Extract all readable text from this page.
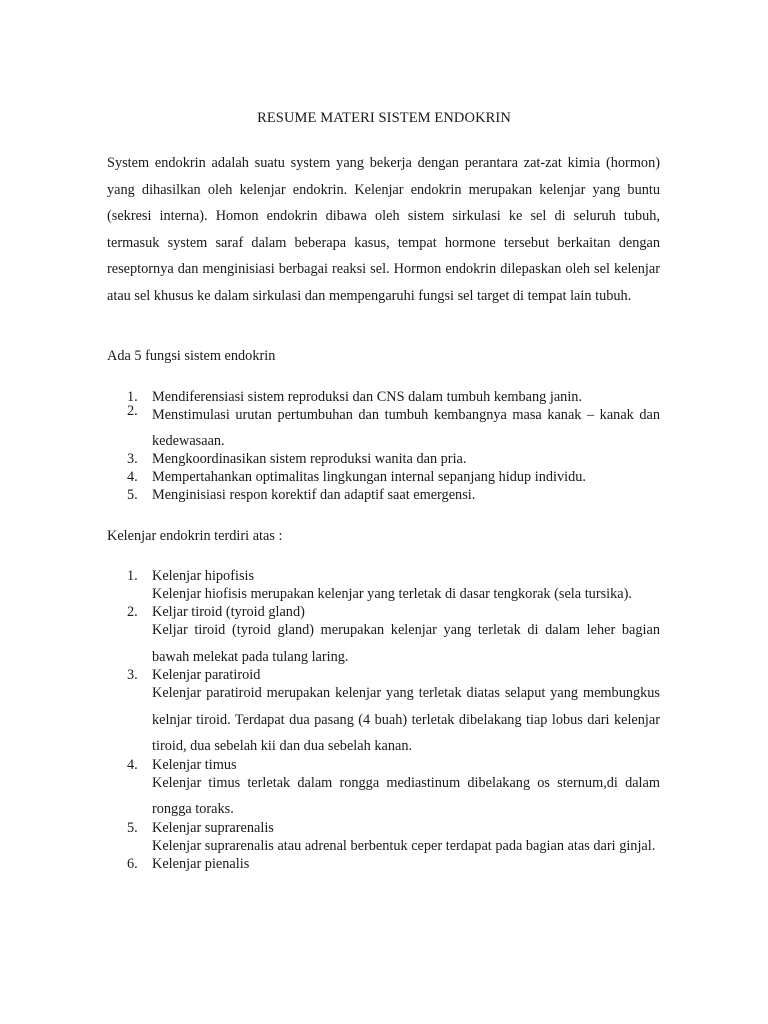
RESUME MATERI SISTEM ENDOKRIN
System endokrin adalah suatu system yang bekerja dengan perantara zat-zat kimia (hormon) yang dihasilkan oleh kelenjar endokrin. Kelenjar endokrin merupakan kelenjar yang buntu (sekresi interna). Homon endokrin dibawa oleh sistem sirkulasi ke sel di seluruh tubuh, termasuk system saraf dalam beberapa kasus, tempat hormone tersebut berkaitan dengan reseptornya dan menginisiasi berbagai reaksi sel. Hormon endokrin dilepaskan oleh sel kelenjar atau sel khusus ke dalam sirkulasi dan mempengaruhi fungsi sel target di tempat lain tubuh.
Ada 5 fungsi sistem endokrin
1. Mendiferensiasi sistem reproduksi dan CNS dalam tumbuh kembang janin.
2. Menstimulasi urutan pertumbuhan dan tumbuh kembangnya masa kanak – kanak dan kedewasaan.
3. Mengkoordinasikan sistem reproduksi wanita dan pria.
4. Mempertahankan optimalitas lingkungan internal sepanjang hidup individu.
5. Menginisiasi respon korektif dan adaptif saat emergensi.
Kelenjar endokrin terdiri atas :
1. Kelenjar hipofisis
Kelenjar hiofisis merupakan kelenjar yang terletak di dasar tengkorak (sela tursika).
2. Keljar tiroid (tyroid gland)
Keljar tiroid (tyroid gland) merupakan kelenjar yang terletak di dalam leher bagian bawah melekat pada tulang laring.
3. Kelenjar paratiroid
Kelenjar paratiroid merupakan kelenjar yang terletak diatas selaput yang membungkus kelnjar tiroid. Terdapat dua pasang (4 buah) terletak dibelakang tiap lobus dari kelenjar tiroid, dua sebelah kii dan dua sebelah kanan.
4. Kelenjar timus
Kelenjar timus terletak dalam rongga mediastinum dibelakang os sternum,di dalam rongga toraks.
5. Kelenjar suprarenalis
Kelenjar suprarenalis atau adrenal berbentuk ceper terdapat pada bagian atas dari ginjal.
6. Kelenjar pienalis
